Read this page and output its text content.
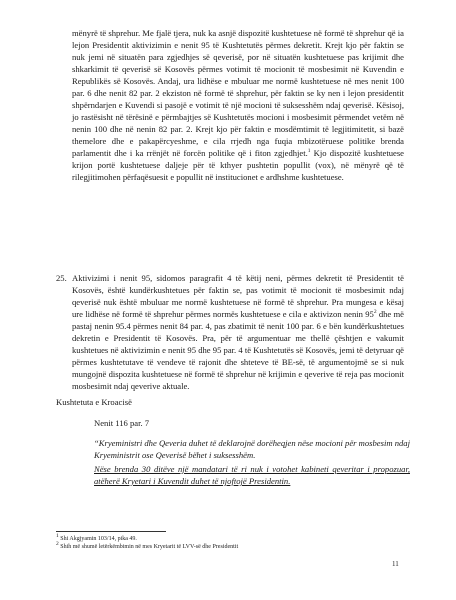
mënyrë të shprehur. Me fjalë tjera, nuk ka asnjë dispozitë kushtetuese në formë të shprehur që ia lejon Presidentit aktivizimin e nenit 95 të Kushtetutës përmes dekretit. Krejt kjo për faktin se nuk jemi në situatën para zgjedhjes së qeverisë, por në situatën kushtetuese pas krijimit dhe shkarkimit të qeverisë së Kosovës përmes votimit të mocionit të mosbesimit në Kuvendin e Republikës së Kosovës. Andaj, ura lidhëse e mbuluar me normë kushtetuese në mes nenit 100 par. 6 dhe nenit 82 par. 2 ekziston në formë të shprehur, për faktin se ky nen i lejon presidentit shpërndarjen e Kuvendi si pasojë e votimit të një mocioni të suksesshëm ndaj qeverisë. Kësisoj, jo rastësisht në tërësinë e përmbajtjes së Kushtetutës mocioni i mosbesimit përmendet vetëm në nenin 100 dhe në nenin 82 par. 2. Krejt kjo për faktin e mosdëmtimit të legjitimitetit, si bazë themelore dhe e pakapërcyeshme, e cila rrjedh nga fuqia mbizotëruese politike brenda parlamentit dhe i ka rrënjët në forcën politike që i fiton zgjedhjet.$^1$ Kjo dispozitë kushtetuese krijon portë kushtetuese daljeje për të kthyer pushtetin popullit (vox), në mënyrë që të rilegjitimohen përfaqësuesit e popullit në institucionet e ardhshme kushtetuese.

25. Aktivizimi i nenit 95, sidomos paragrafit 4 të këtij neni, përmes dekretit të Presidentit të Kosovës, është kundërkushtetues për faktin se, pas votimit të mocionit të mosbesimit ndaj qeverisë nuk është mbuluar me normë kushtetuese në formë të shprehur. Pra mungesa e kësaj ure lidhëse në formë të shprehur përmes normës kushtetuese e cila e aktivizon nenin $95^2$ dhe më pastaj nenin 95.4 përmes nenit 84 par. 4, pas zbatimit të nenit 100 par. 6 e bën kundërkushtetues dekretin e Presidentit të Kosovës. Pra, për të argumentuar me thellë çështjen e vakumit kushtetues në aktivizimin e nenit 95 dhe 95 par. 4 të Kushtetutës së Kosovës, jemi të detyruar që përmes kushtetutave të vendeve të rajonit dhe shteteve të BE-së, të argumentojmë se si nuk mungojnë dispozita kushtetuese në formë të shprehur në krijimin e qeverive të reja pas mocionit mosbesimit ndaj qeverive aktuale.

Kushtetuta e Kroacisë
Nenit 116 par. 7
“Kryeministri dhe Qeveria duhet të deklarojnë dorëheqjen nëse mocioni për mosbesim ndaj Kryeministrit ose Qeverisë bëhet i suksesshëm.
Nëse brenda 30 ditëve një mandatari të ri nuk i votohet kabineti qeveritar i propozuar, atëherë Kryetari i Kuvendit duhet të njoftojë Presidentin.
$^1$ Shi Akgjyamin 103/14, pika 49.
$^2$ Shih më shumë letërkëmbimin në mes Kryetarit të LVV-së dhe Presidentit
11
